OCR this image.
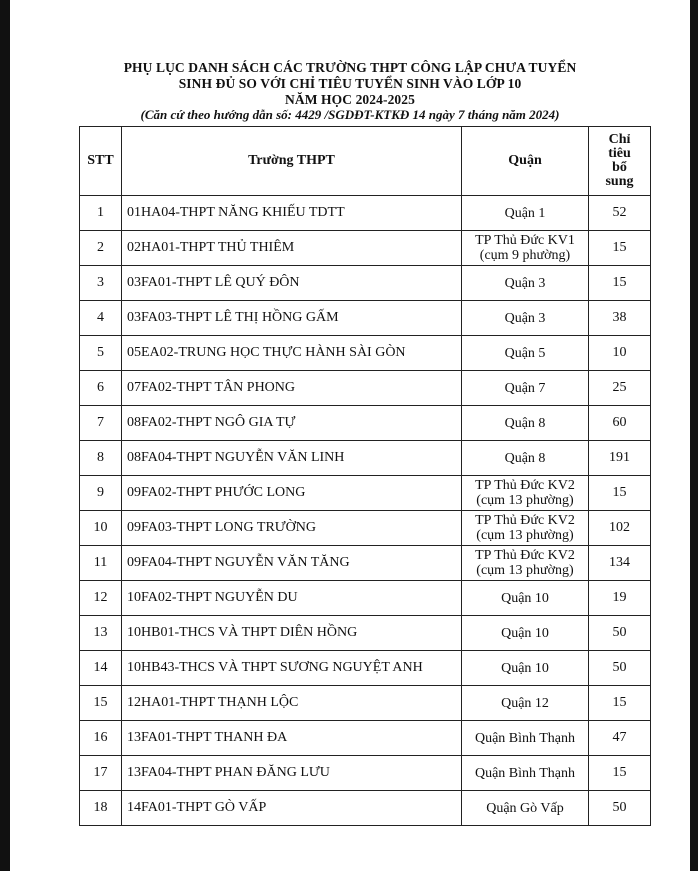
PHỤ LỤC DANH SÁCH CÁC TRƯỜNG THPT CÔNG LẬP CHƯA TUYỂN
SINH ĐỦ SO VỚI CHỈ TIÊU TUYỂN SINH VÀO LỚP 10
NĂM HỌC 2024-2025
(Căn cứ theo hướng dẫn số: 4429 /SGDĐT-KTKĐ 14 ngày 7 tháng năm 2024)
STT	Trường THPT	Quận	Chỉ
tiêu
bổ
sung

1	01HA04-THPT NĂNG KHIẾU TDTT	Quận 1	52
2	02HA01-THPT THỦ THIÊM	TP Thủ Đức KV1
(cụm 9 phường)	15
3	03FA01-THPT LÊ QUÝ ĐÔN	Quận 3	15
4	03FA03-THPT LÊ THỊ HỒNG GẤM	Quận 3	38
5	05EA02-TRUNG HỌC THỰC HÀNH SÀI GÒN	Quận 5	10
6	07FA02-THPT TÂN PHONG	Quận 7	25
7	08FA02-THPT NGÔ GIA TỰ	Quận 8	60
8	08FA04-THPT NGUYỄN VĂN LINH	Quận 8	191
9	09FA02-THPT PHƯỚC LONG	TP Thủ Đức KV2
(cụm 13 phường)	15
10	09FA03-THPT LONG TRƯỜNG	TP Thủ Đức KV2
(cụm 13 phường)	102
11	09FA04-THPT NGUYỄN VĂN TĂNG	TP Thủ Đức KV2
(cụm 13 phường)	134
12	10FA02-THPT NGUYỄN DU	Quận 10	19
13	10HB01-THCS VÀ THPT DIÊN HỒNG	Quận 10	50
14	10HB43-THCS VÀ THPT SƯƠNG NGUYỆT ANH	Quận 10	50
15	12HA01-THPT THẠNH LỘC	Quận 12	15
16	13FA01-THPT THANH ĐA	Quận Bình Thạnh	47
17	13FA04-THPT PHAN ĐĂNG LƯU	Quận Bình Thạnh	15
18	14FA01-THPT GÒ VẤP	Quận Gò Vấp	50
